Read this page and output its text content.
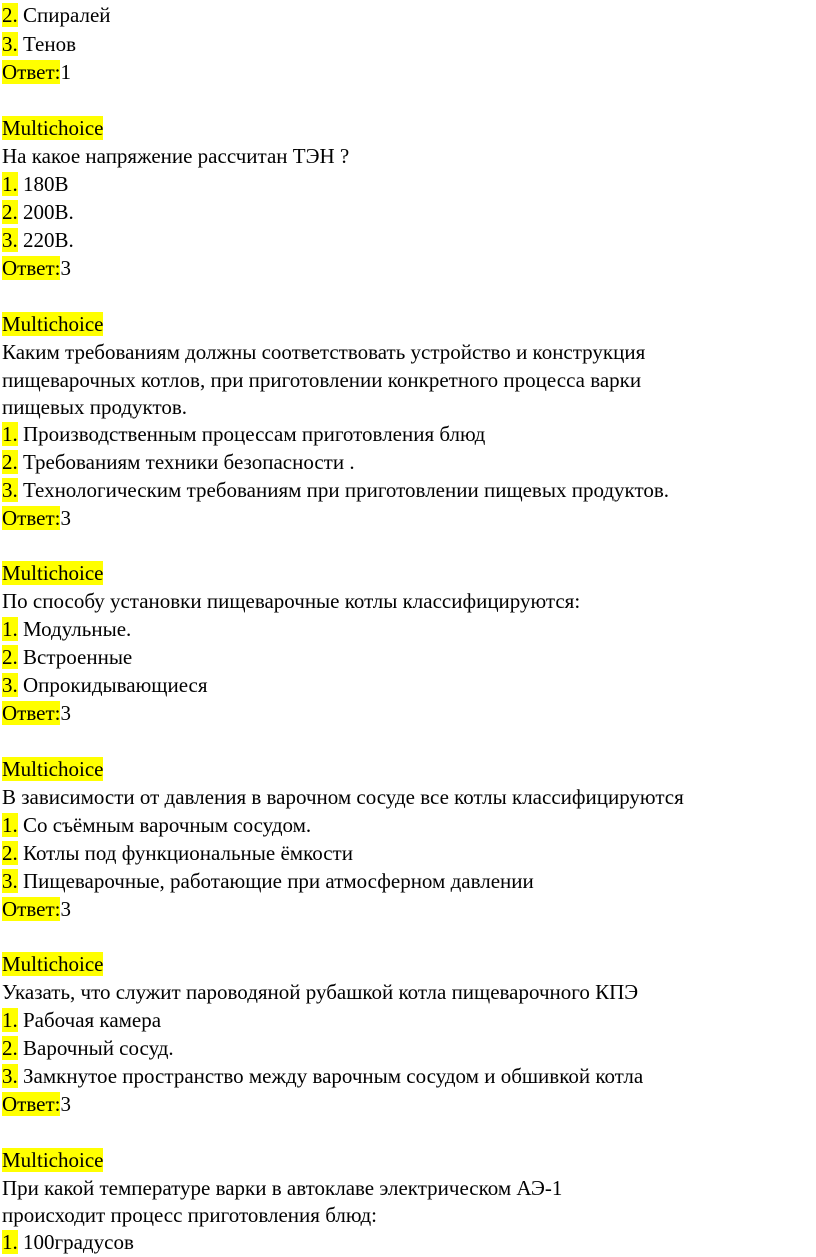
2. Спиралей
3. Тенов
Ответ:1
Multichoice
На какое напряжение рассчитан ТЭН ?
1. 180В
2. 200В.
3. 220В.
Ответ:3
Multichoice
Каким требованиям должны соответствовать устройство и конструкция
пищеварочных котлов, при приготовлении конкретного процесса варки
пищевых продуктов.
1. Производственным процессам приготовления блюд
2. Требованиям техники безопасности .
3. Технологическим требованиям при приготовлении пищевых продуктов.
Ответ:3
Multichoice
По способу установки пищеварочные котлы классифицируются:
1. Модульные.
2. Встроенные
3. Опрокидывающиеся
Ответ:3
Multichoice
В зависимости от давления в варочном сосуде все котлы классифицируются
1. Со съёмным варочным сосудом.
2. Котлы под функциональные ёмкости
3. Пищеварочные, работающие при атмосферном давлении
Ответ:3
Multichoice
Указать, что служит пароводяной рубашкой котла пищеварочного КПЭ
1. Рабочая камера
2. Варочный сосуд.
3. Замкнутое пространство между варочным сосудом и обшивкой котла
Ответ:3
Multichoice
При какой температуре варки в автоклаве электрическом АЭ-1
происходит процесс приготовления блюд:
1. 100градусов
